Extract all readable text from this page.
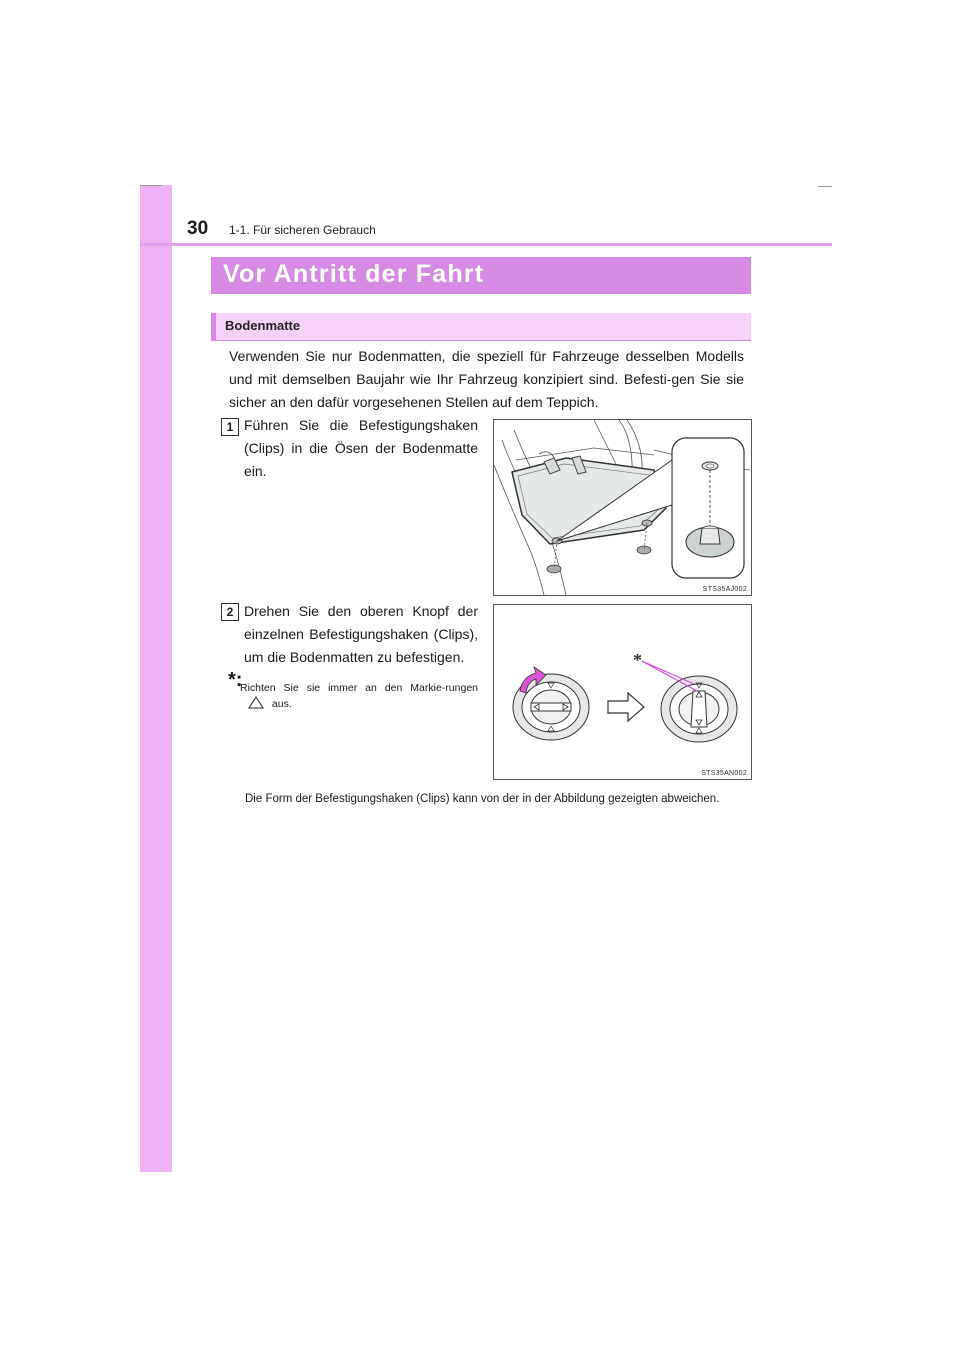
30 1-1. Für sicheren Gebrauch
Vor Antritt der Fahrt
Bodenmatte
Verwenden Sie nur Bodenmatten, die speziell für Fahrzeuge desselben Modells und mit demselben Baujahr wie Ihr Fahrzeug konzipiert sind. Befesti-gen Sie sie sicher an den dafür vorgesehenen Stellen auf dem Teppich.
1 Führen Sie die Befestigungshaken (Clips) in die Ösen der Bodenmatte ein.
STS35AJ002
2 Drehen Sie den oberen Knopf der einzelnen Befestigungshaken (Clips), um die Bodenmatten zu befestigen.
*:
Richten Sie sie immer an den Markie-rungen  aus.
*
STS35AN002
Die Form der Befestigungshaken (Clips) kann von der in der Abbildung gezeigten abweichen.
